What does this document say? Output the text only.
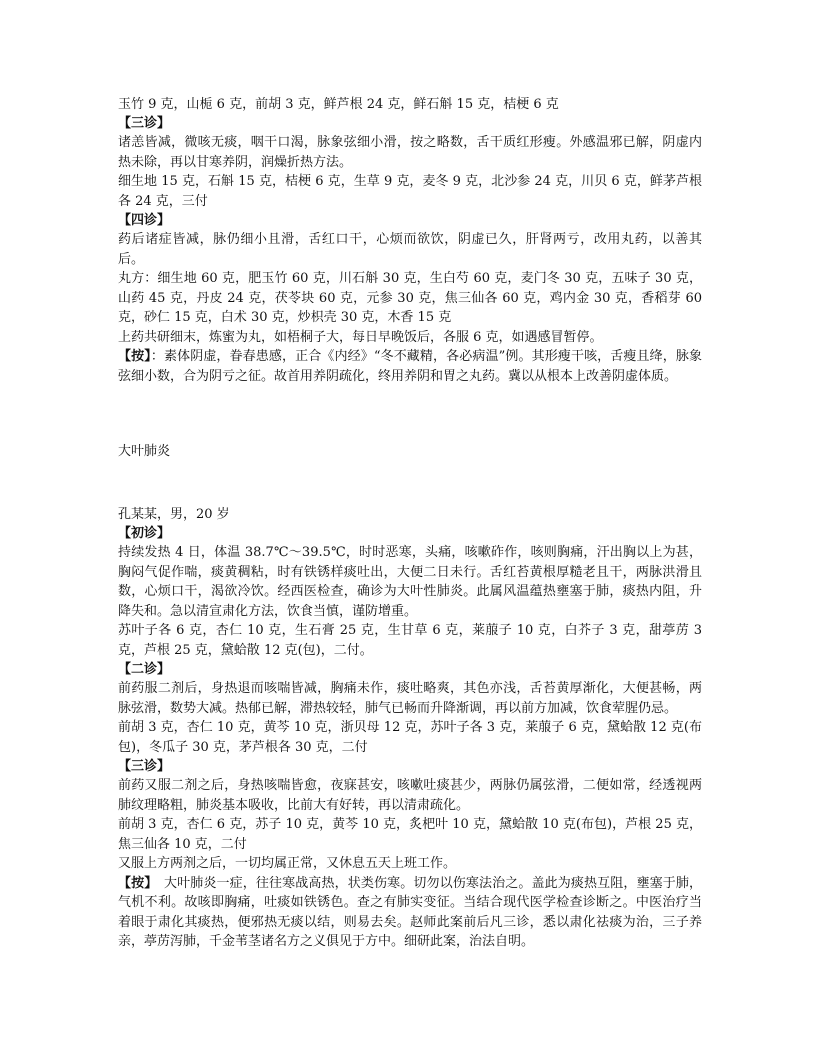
玉竹 9 克，山栀 6 克，前胡 3 克，鲜芦根 24 克，鲜石斛 15 克，桔梗 6 克

【三诊】

诸恙皆减，微咳无痰，咽干口渴，脉象弦细小滑，按之略数，舌干质红形瘦。外感温邪已解，阴虚内热未除，再以甘寒养阴，润燥折热方法。

细生地 15 克，石斛 15 克，桔梗 6 克，生草 9 克，麦冬 9 克，北沙参 24 克，川贝 6 克，鲜茅芦根各 24 克，三付

【四诊】

药后诸症皆减，脉仍细小且滑，舌红口干，心烦而欲饮，阴虚已久，肝肾两亏，改用丸药，以善其后。

丸方：细生地 60 克，肥玉竹 60 克，川石斛 30 克，生白芍 60 克，麦门冬 30 克，五味子 30 克，山药 45 克，丹皮 24 克，茯苓块 60 克，元参 30 克，焦三仙各 60 克，鸡内金 30 克，香稻芽 60 克，砂仁 15 克，白术 30 克，炒枳壳 30 克，木香 15 克

上药共研细末，炼蜜为丸，如梧桐子大，每日早晚饭后，各服 6 克，如遇感冒暂停。

【按】：素体阴虚，眷春患感，正合《内经》“冬不藏精，各必病温”例。其形瘦干咳，舌瘦且绛，脉象弦细小数，合为阴亏之征。故首用养阴疏化，终用养阴和胃之丸药。冀以从根本上改善阴虚体质。

大叶肺炎

孔某某，男，20 岁

【初诊】

持续发热 4 日，体温 38.7℃～39.5℃，时时恶寒，头痛，咳嗽砟作，咳则胸痛，汗出胸以上为甚，胸闷气促作喘，痰黄稠粘，时有铁锈样痰吐出，大便二日未行。舌红苔黄根厚糙老且干，两脉洪滑且数，心烦口干，渴欲冷饮。经西医检查，确诊为大叶性肺炎。此属风温蕴热壅塞于肺，痰热内阻，升降失和。急以清宣肃化方法，饮食当慎，谨防增重。

苏叶子各 6 克，杏仁 10 克，生石膏 25 克，生甘草 6 克，莱菔子 10 克，白芥子 3 克，甜葶苈 3 克，芦根 25 克，黛蛤散 12 克(包)，二付。

【二诊】

前药服二剂后，身热退而咳喘皆减，胸痛未作，痰吐略爽，其色亦浅，舌苔黄厚渐化，大便甚畅，两脉弦滑，数势大减。热郁已解，滞热较轻，肺气已畅而升降渐调，再以前方加减，饮食荤腥仍忌。

前胡 3 克，杏仁 10 克，黄芩 10 克，浙贝母 12 克，苏叶子各 3 克，莱菔子 6 克，黛蛤散 12 克(布包)，冬瓜子 30 克，茅芦根各 30 克，二付

【三诊】

前药又服二剂之后，身热咳喘皆愈，夜寐甚安，咳嗽吐痰甚少，两脉仍属弦滑，二便如常，经透视两肺纹理略粗，肺炎基本吸收，比前大有好转，再以清肃疏化。

前胡 3 克，杏仁 6 克，苏子 10 克，黄芩 10 克，炙杷叶 10 克，黛蛤散 10 克(布包)，芦根 25 克，焦三仙各 10 克，二付

又服上方两剂之后，一切均属正常，又休息五天上班工作。

【按】　大叶肺炎一症，往往寒战高热，状类伤寒。切勿以伤寒法治之。盖此为痰热互阻，壅塞于肺，气机不利。故咳即胸痛，吐痰如铁锈色。查之有肺实变征。当结合现代医学检查诊断之。中医治疗当着眼于肃化其痰热，便邪热无痰以结，则易去矣。赵师此案前后凡三诊，悉以肃化祛痰为治，三子养亲，葶苈泻肺，千金苇茎诸名方之义俱见于方中。细研此案，治法自明。
